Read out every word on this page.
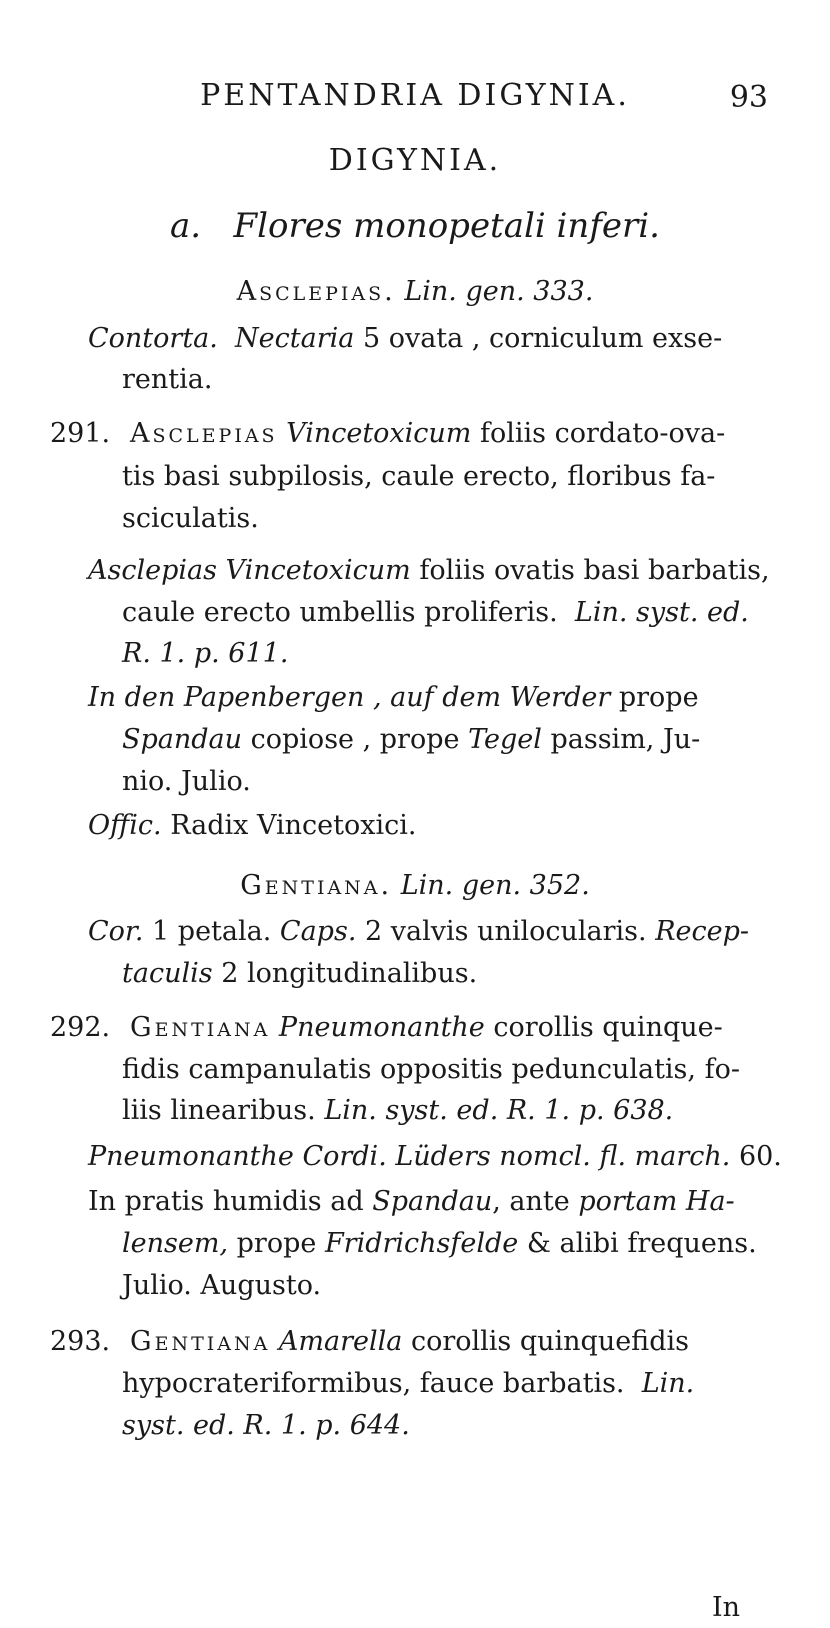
PENTANDRIA DIGYNIA.	93
DIGYNIA.
a. Flores monopetali inferi.
Asclepias. Lin. gen. 333.
Contorta. Nectaria 5 ovata , corniculum exse-
rentia.
291. Asclepias Vincetoxicum foliis cordato-ova-
tis basi subpilosis, caule erecto, floribus fa-
sciculatis.
Asclepias Vincetoxicum foliis ovatis basi barbatis,
caule erecto umbellis proliferis. Lin. syst. ed.
R. 1. p. 611.
In den Papenbergen , auf dem Werder prope
Spandau copiose , prope Tegel passim, Ju-
nio. Julio.
Offic. Radix Vincetoxici.
Gentiana. Lin. gen. 352.
Cor. 1 petala. Caps. 2 valvis unilocularis. Recep-
taculis 2 longitudinalibus.
292. Gentiana Pneumonanthe corollis quinque-
fidis campanulatis oppositis pedunculatis, fo-
liis linearibus. Lin. syst. ed. R. 1. p. 638.
Pneumonanthe Cordi. Lüders nomcl. fl. march. 60.
In pratis humidis ad Spandau, ante portam Ha-
lensem, prope Fridrichsfelde & alibi frequens.
Julio. Augusto.
293. Gentiana Amarella corollis quinquefidis
hypocrateriformibus, fauce barbatis. Lin.
syst. ed. R. 1. p. 644.
In
